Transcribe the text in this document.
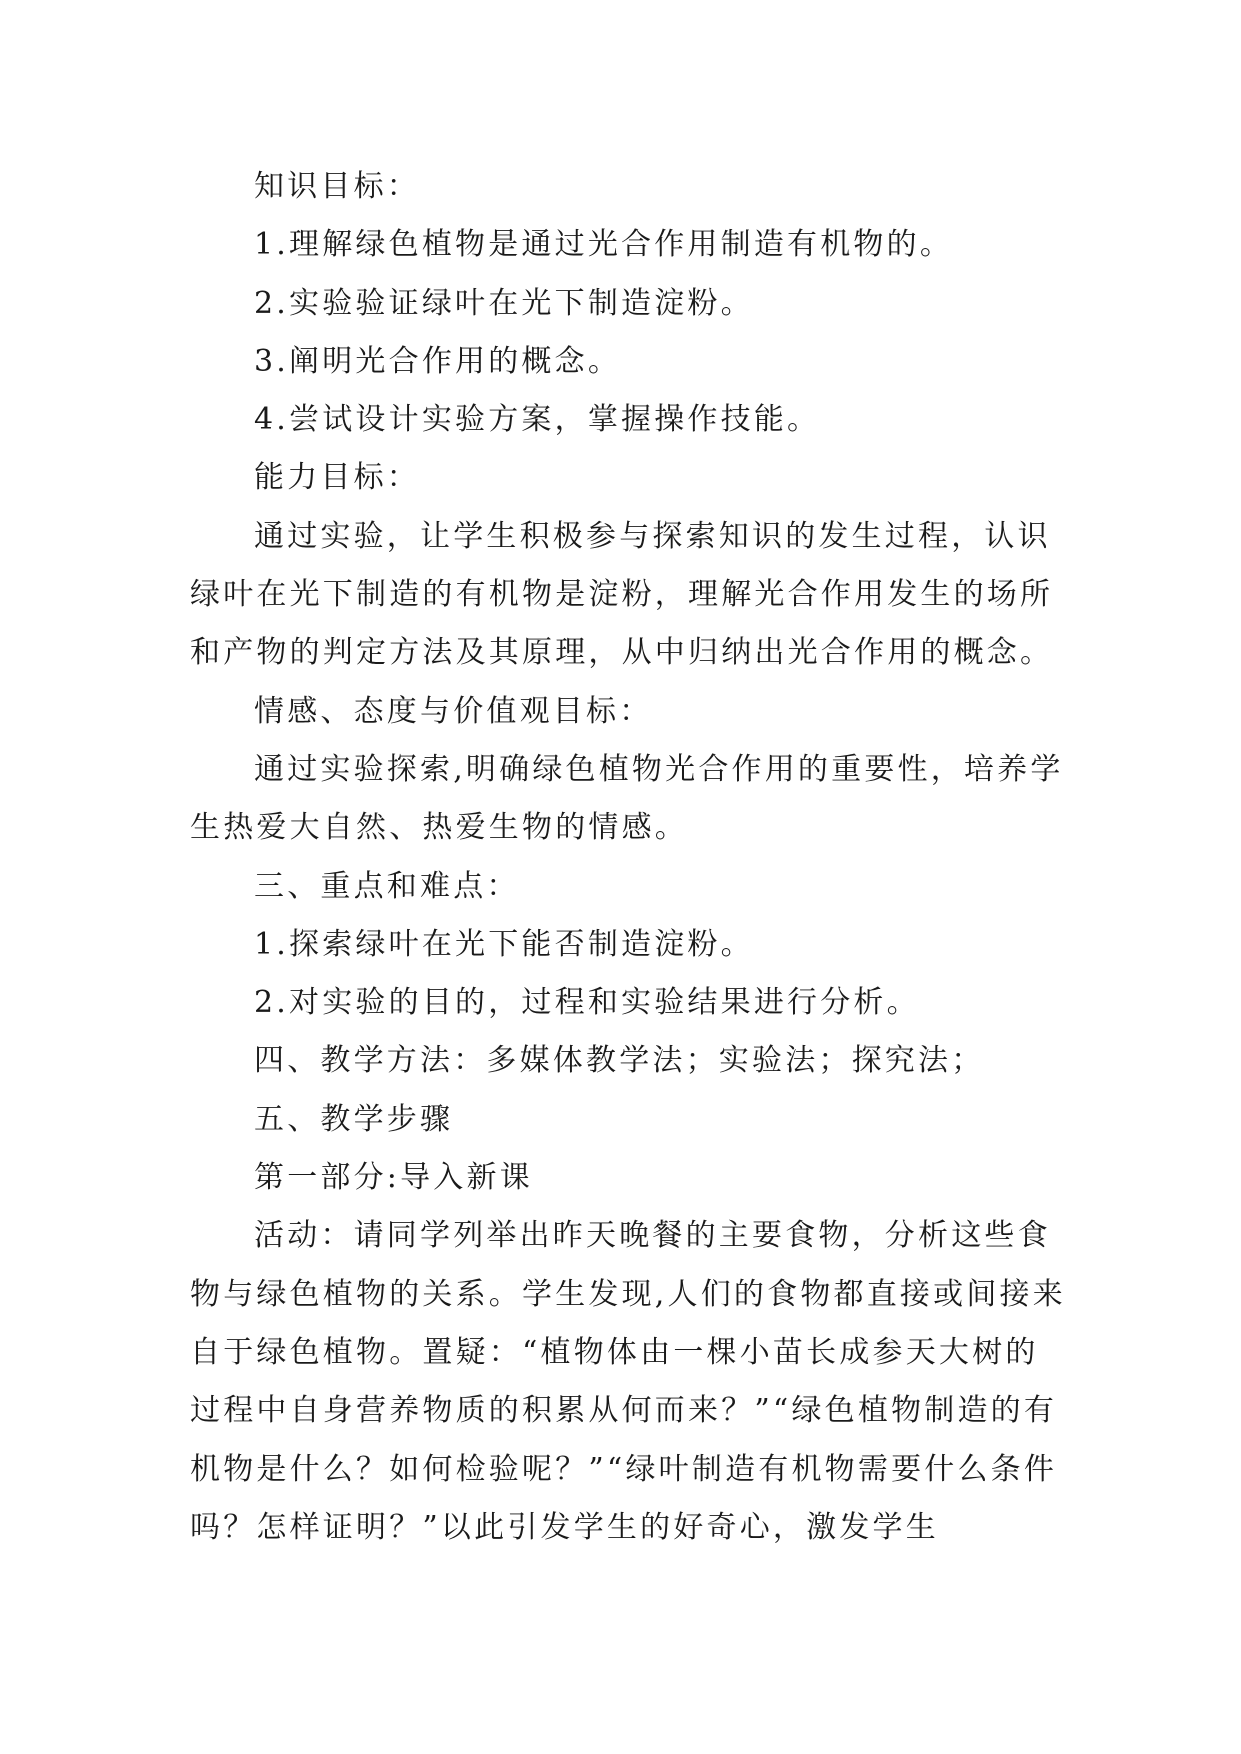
知识目标：

1.理解绿色植物是通过光合作用制造有机物的。

2.实验验证绿叶在光下制造淀粉。

3.阐明光合作用的概念。

4.尝试设计实验方案，掌握操作技能。

能力目标：

通过实验，让学生积极参与探索知识的发生过程，认识绿叶在光下制造的有机物是淀粉，理解光合作用发生的场所和产物的判定方法及其原理，从中归纳出光合作用的概念。

情感、态度与价值观目标：

通过实验探索,明确绿色植物光合作用的重要性，培养学生热爱大自然、热爱生物的情感。

三、重点和难点：

1.探索绿叶在光下能否制造淀粉。

2.对实验的目的，过程和实验结果进行分析。

四、教学方法：多媒体教学法；实验法；探究法；

五、教学步骤

第一部分:导入新课

活动：请同学列举出昨天晚餐的主要食物，分析这些食物与绿色植物的关系。学生发现,人们的食物都直接或间接来自于绿色植物。置疑：“植物体由一棵小苗长成参天大树的过程中自身营养物质的积累从何而来？”“绿色植物制造的有机物是什么？如何检验呢？”“绿叶制造有机物需要什么条件吗？怎样证明？”以此引发学生的好奇心，激发学生
